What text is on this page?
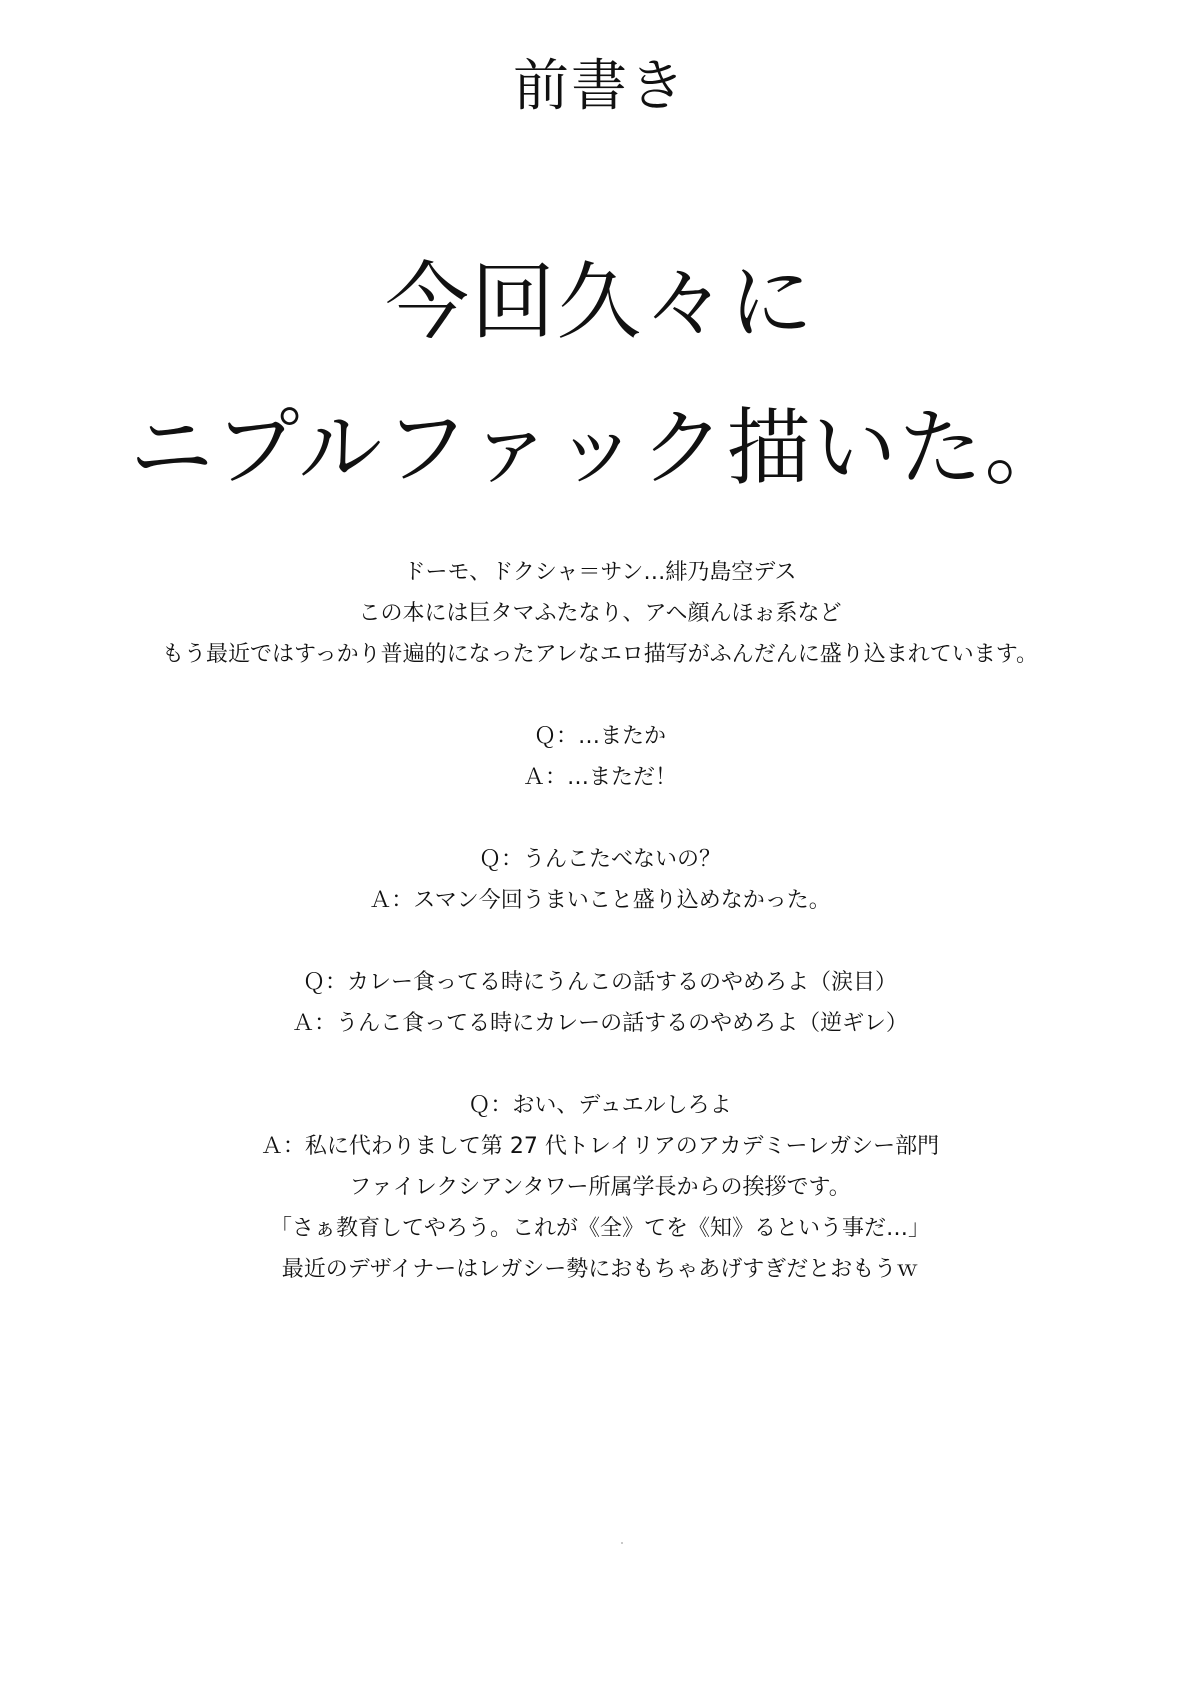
前書き
今回久々に
ニプルファック描いた。
ドーモ、ドクシャ＝サン…緋乃島空デス
この本には巨タマふたなり、アヘ顔んほぉ系など
もう最近ではすっかり普遍的になったアレなエロ描写がふんだんに盛り込まれています。
Ｑ：…またか
Ａ：…まただ！
Ｑ：うんこたべないの？
Ａ：スマン今回うまいこと盛り込めなかった。
Ｑ：カレー食ってる時にうんこの話するのやめろよ（涙目）
Ａ：うんこ食ってる時にカレーの話するのやめろよ（逆ギレ）
Ｑ：おい、デュエルしろよ
Ａ：私に代わりまして第 27 代トレイリアのアカデミーレガシー部門
ファイレクシアンタワー所属学長からの挨拶です。
「さぁ教育してやろう。これが《全》てを《知》るという事だ…」
最近のデザイナーはレガシー勢におもちゃあげすぎだとおもうｗ
